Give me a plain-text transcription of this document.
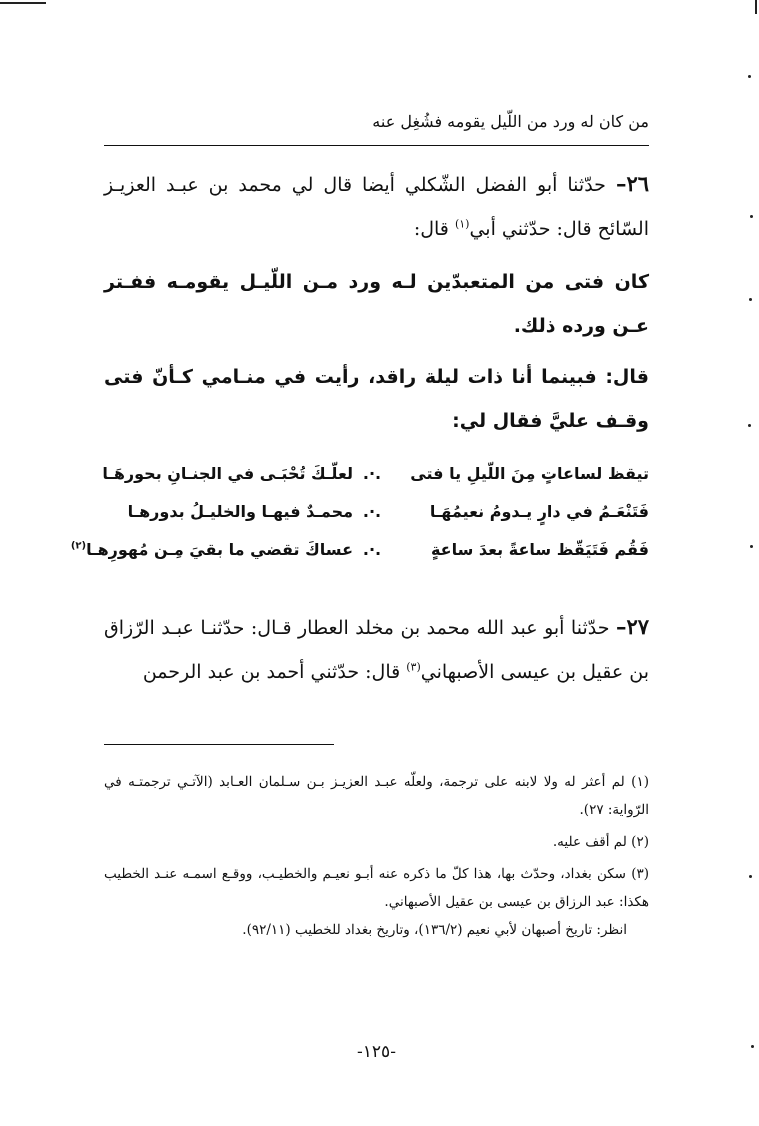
من كان له ورد من اللّيل يقومه فشُغِل عنه
٢٦– حدّثنا أبو الفضل الشّكلي أيضا قال لي محمد بن عبـد العزيـز السّائح قال: حدّثني أبي$^{(١)}$ قال:
كان فتى من المتعبدّين لـه ورد مـن اللّيـل يقومـه ففـتر عـن ورده ذلك.
قال: فبينما أنا ذات ليلة راقد، رأيت في منـامي كـأنّ فتى وقـف عليَّ فقال لي:
تيقظ لساعاتٍ مِنَ اللّيلِ يا فتى
.·.
لعلّـكَ تُحْبَـى في الجنـانِ بحورهَـا
فَتَنْعَـمُ في دارٍ يـدومُ نعيمُهَـا
.·.
محمـدٌ فيهـا والخليـلُ بدورهـا
فَقُم فَتَيَقّظ ساعةً بعدَ ساعةٍ
.·.
عساكَ تقضي ما بقيَ مِـن مُهورِهـا$^{(٢)}$
٢٧– حدّثنا أبو عبد الله محمد بن مخلد العطار قـال: حدّثنـا عبـد الرّزاق بن عقيل بن عيسى الأصبهاني$^{(٣)}$ قال: حدّثني أحمد بن عبد الرحمن
(١) لم أعثر له ولا لابنه على ترجمة، ولعلّه عبـد العزيـز بـن سـلمان العـابد (الآتـي ترجمتـه في الرّواية: ٢٧).
(٢) لم أقف عليه.
(٣) سكن بغداد، وحدّث بها، هذا كلّ ما ذكره عنه أبـو نعيـم والخطيـب، ووقـع اسمـه عنـد الخطيب هكذا: عبد الرزاق بن عيسى بن عقيل الأصبهاني.
انظر: تاريخ أصبهان لأبي نعيم (١٣٦/٢)، وتاريخ بغداد للخطيب (٩٢/١١).
-١٢٥-
